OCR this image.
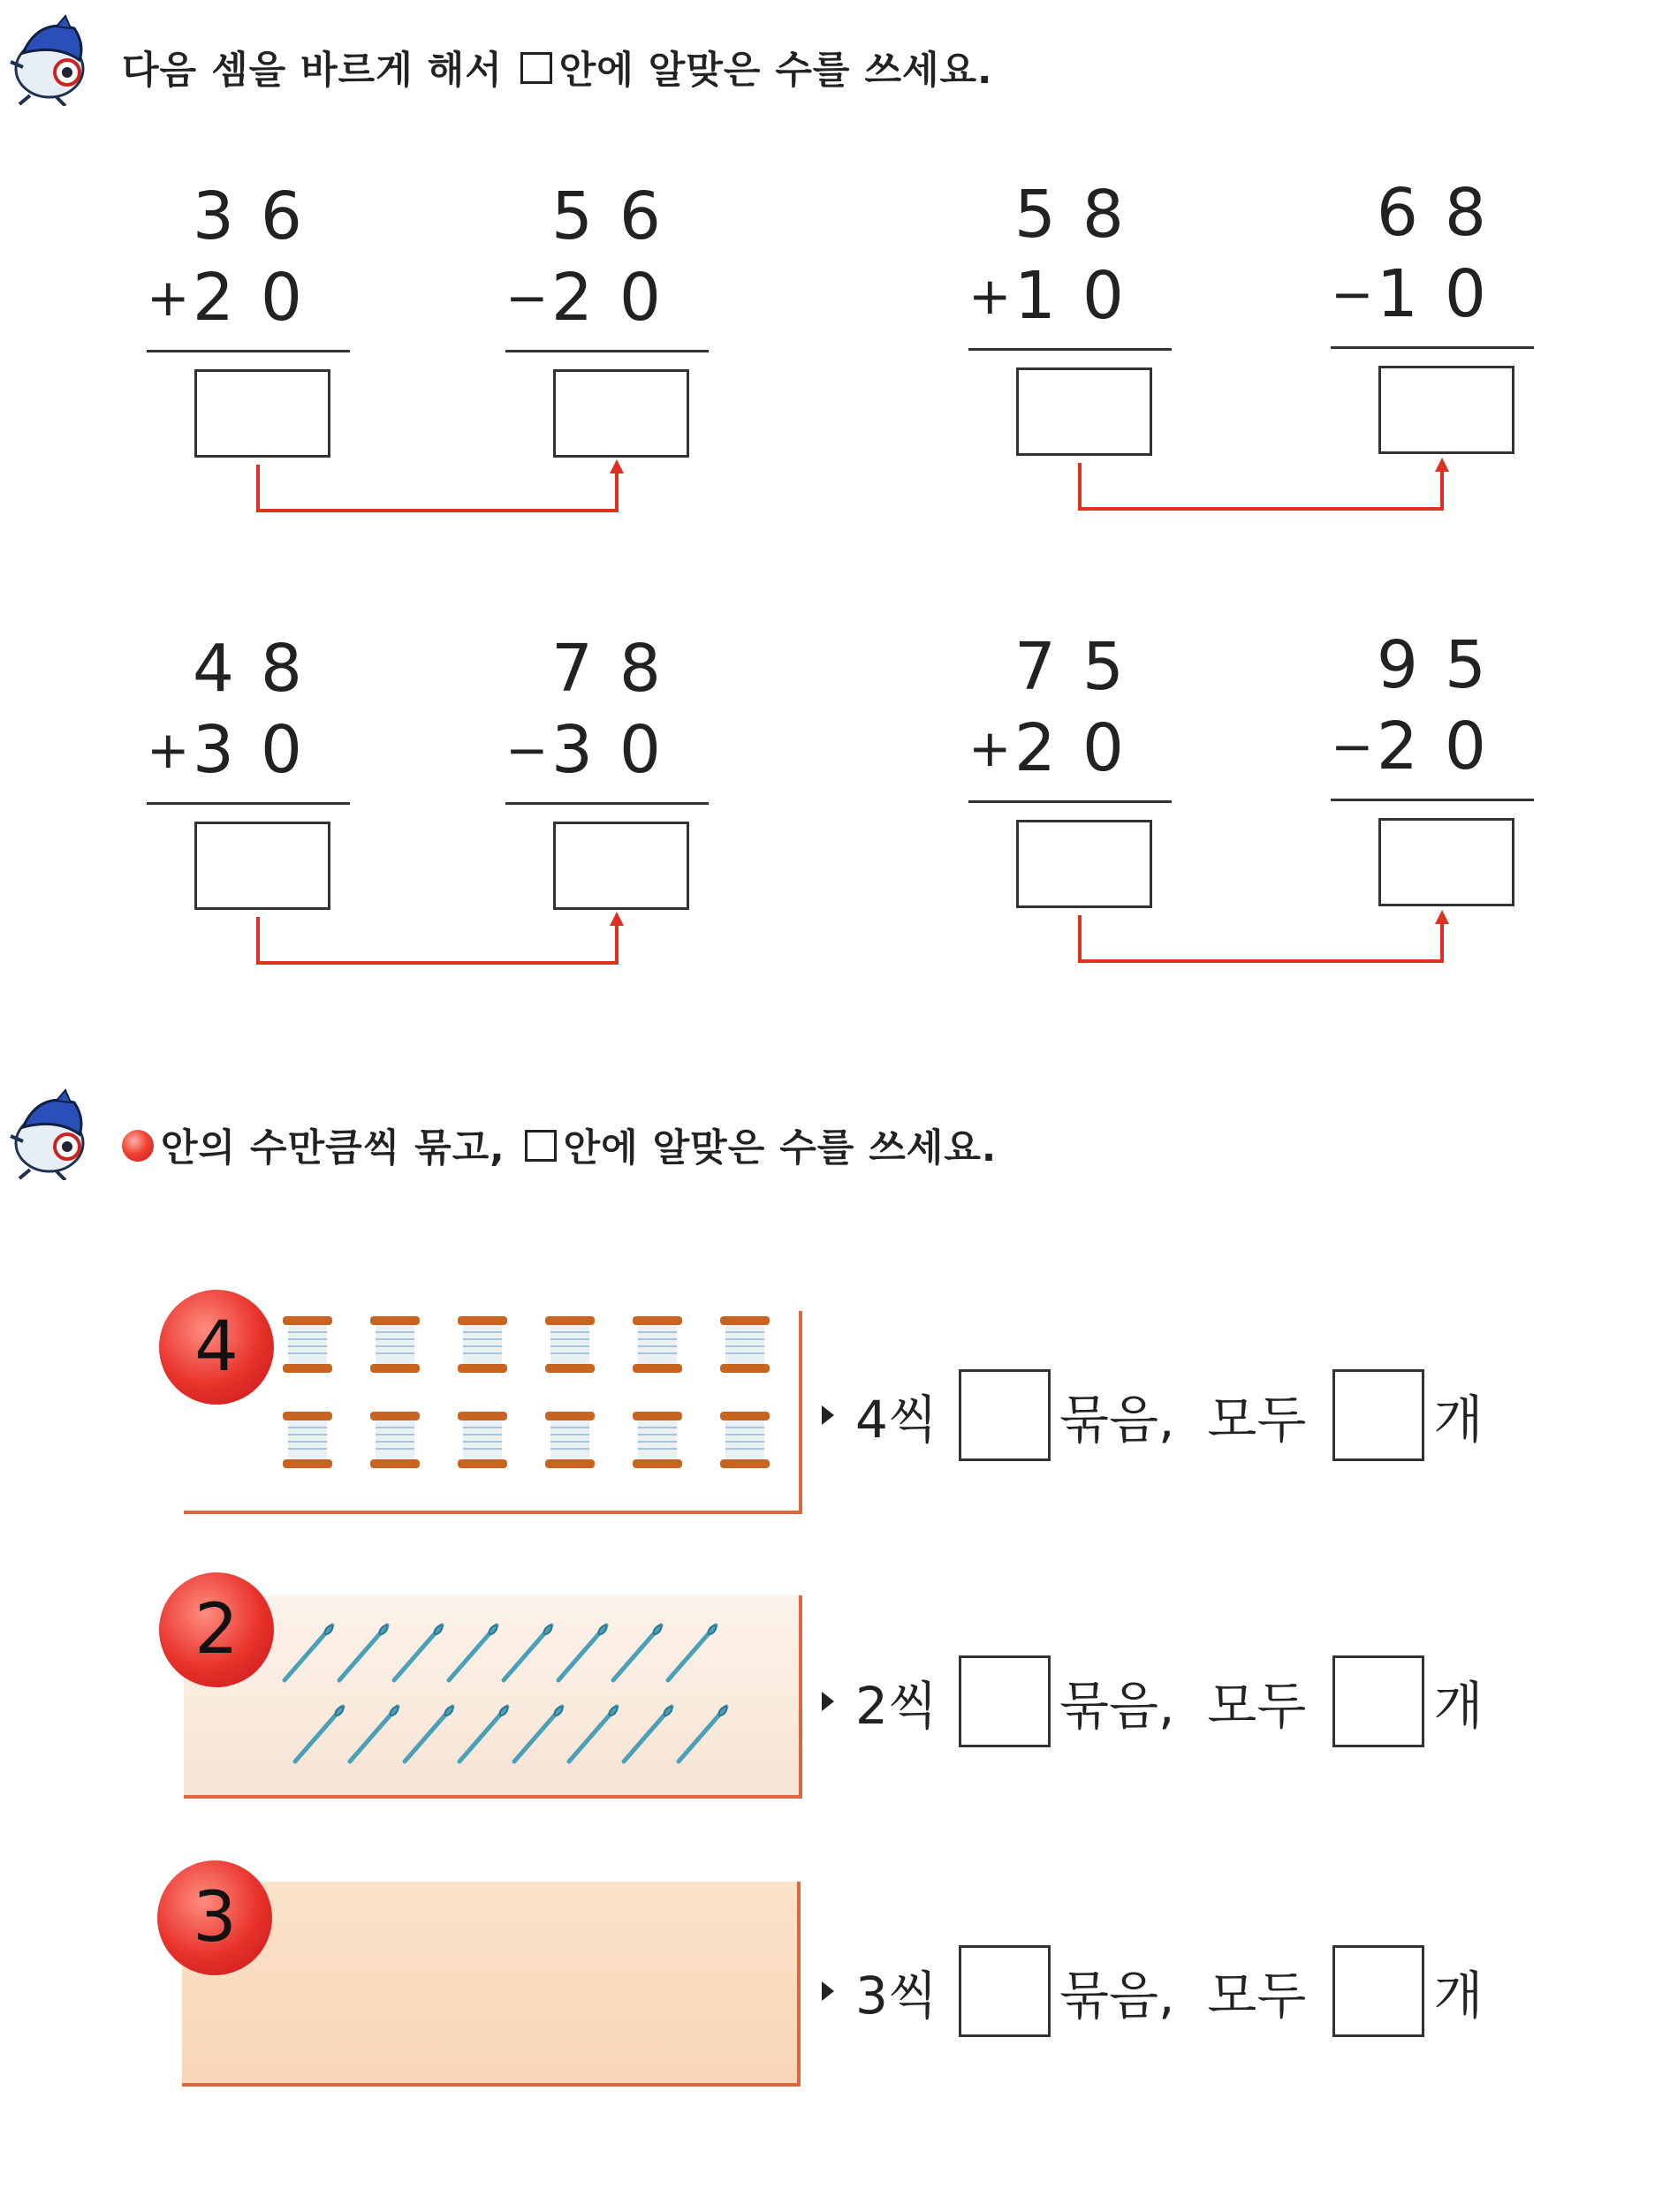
다음 셈을 바르게 해서 안에 알맞은 수를 쓰세요.
36
+ 20
56
− 20
58
+ 10
68
− 10
48
+ 30
78
− 30
75
+ 20
95
− 20
안의 수만큼씩 묶고, 안에 알맞은 수를 쓰세요.
4
4씩 묶음,  모두 개
2
2씩 묶음,  모두 개
3
3씩 묶음,  모두 개
